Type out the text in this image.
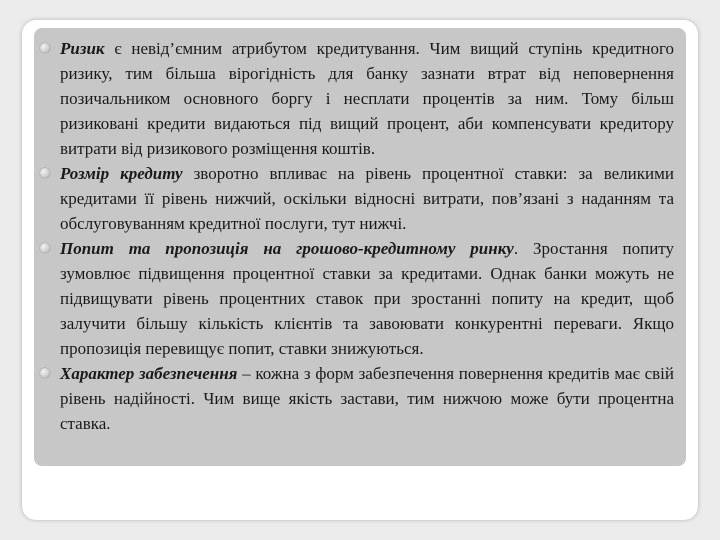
Ризик є невід’ємним атрибутом кредитування. Чим вищий ступінь кредитного ризику, тим більша вірогідність для банку зазнати втрат від неповернення позичальником основного боргу і несплати процентів за ним. Тому більш ризиковані кредити видаються під вищий процент, аби компенсувати кредитору витрати від ризикового розміщення коштів.
Розмір кредиту зворотно впливає на рівень процентної ставки: за великими кредитами її рівень нижчий, оскільки відносні витрати, пов’язані з наданням та обслуговуванням кредитної послуги, тут нижчі.
Попит та пропозиція на грошово-кредитному ринку. Зростання попиту зумовлює підвищення процентної ставки за кредитами. Однак банки можуть не підвищувати рівень процентних ставок при зростанні попиту на кредит, щоб залучити більшу кількість клієнтів та завоювати конкурентні переваги. Якщо пропозиція перевищує попит, ставки знижуються.
Характер забезпечення – кожна з форм забезпечення повернення кредитів має свій рівень надійності. Чим вище якість застави, тим нижчою може бути процентна ставка.
